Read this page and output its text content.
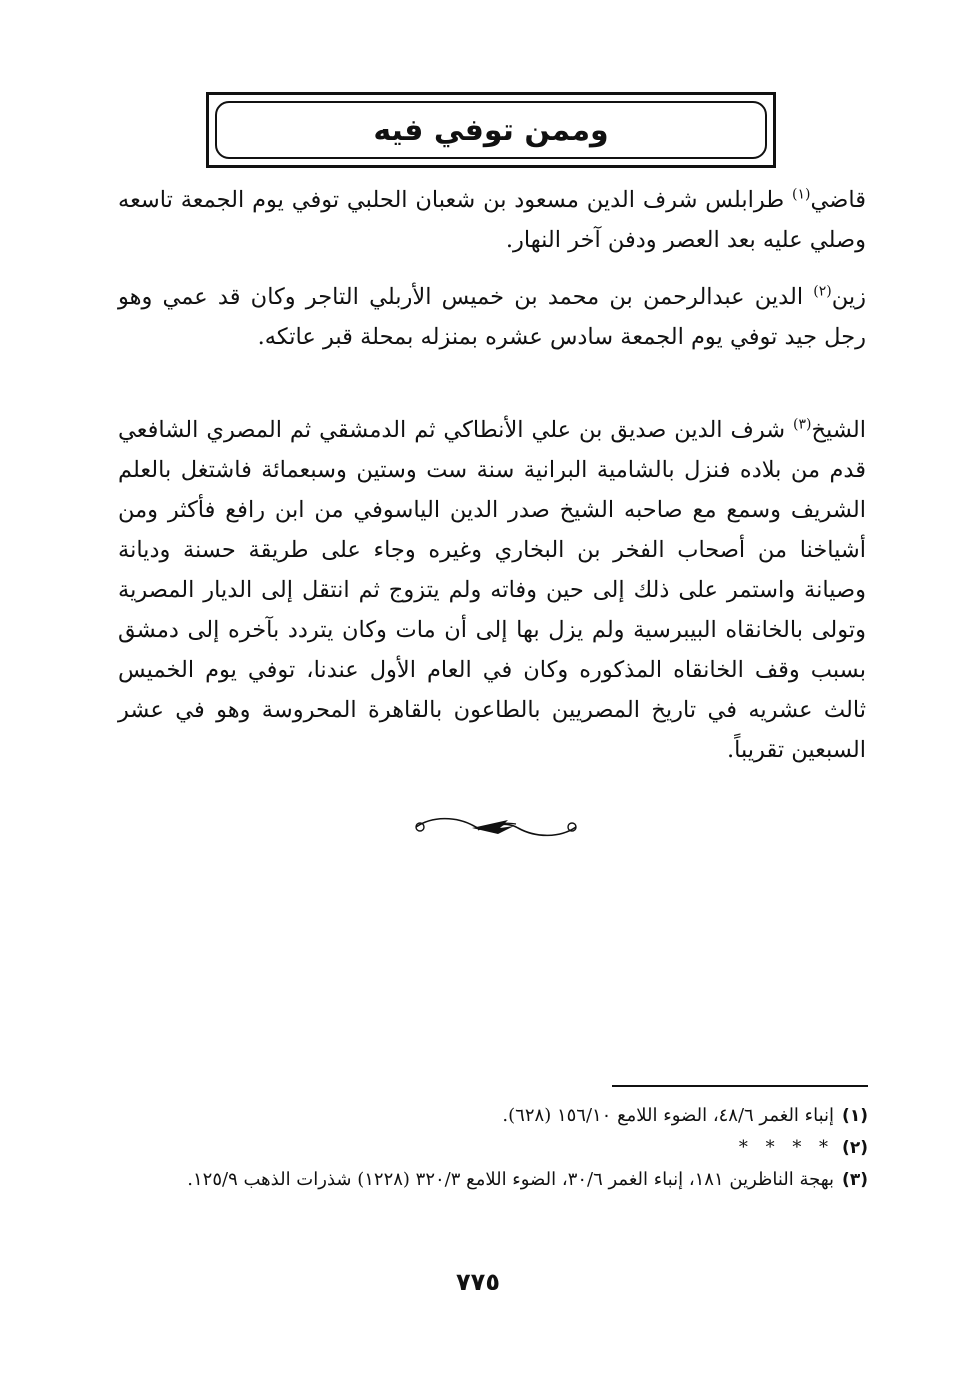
وممن توفي فيه
قاضي$^{(١)}$ طرابلس شرف الدين مسعود بن شعبان الحلبي توفي يوم الجمعة تاسعه وصلي عليه بعد العصر ودفن آخر النهار.
زين$^{(٢)}$ الدين عبدالرحمن بن محمد بن خميس الأربلي التاجر وكان قد عمي وهو رجل جيد توفي يوم الجمعة سادس عشره بمنزله بمحلة قبر عاتكه.
الشيخ$^{(٣)}$ شرف الدين صديق بن علي الأنطاكي ثم الدمشقي ثم المصري الشافعي قدم من بلاده فنزل بالشامية البرانية سنة ست وستين وسبعمائة فاشتغل بالعلم الشريف وسمع مع صاحبه الشيخ صدر الدين الياسوفي من ابن رافع فأكثر ومن أشياخنا من أصحاب الفخر بن البخاري وغيره وجاء على طريقة حسنة وديانة وصيانة واستمر على ذلك إلى حين وفاته ولم يتزوج ثم انتقل إلى الديار المصرية وتولى بالخانقاه البيبرسية ولم يزل بها إلى أن مات وكان يتردد بآخره إلى دمشق بسبب وقف الخانقاه المذكوره وكان في العام الأول عندنا، توفي يوم الخميس ثالث عشريه في تاريخ المصريين بالطاعون بالقاهرة المحروسة وهو في عشر السبعين تقريباً.
(١)
إنباء الغمر ٤٨/٦، الضوء اللامع ١٥٦/١٠ (٦٢٨).
(٢)
* * * *
(٣)
بهجة الناظرين ١٨١، إنباء الغمر ٣٠/٦، الضوء اللامع ٣٢٠/٣ (١٢٢٨) شذرات الذهب ١٢٥/٩.
٧٧٥
